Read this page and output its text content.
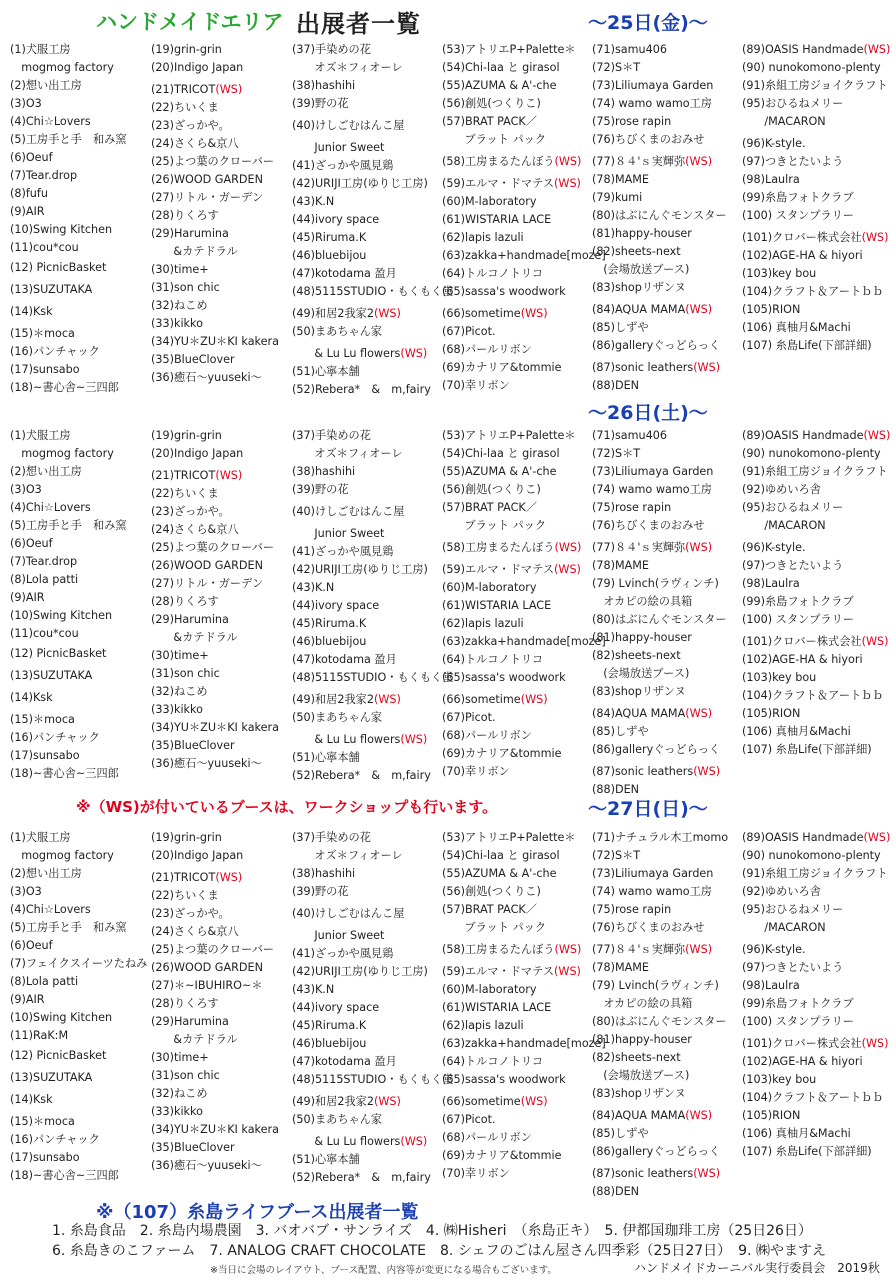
ハンドメイドエリア 出展者一覧	～25日(金)～
～26日(土)～
～27日(日)～
(1)犬服工房
　mogmog factory
(2)想い出工房
(3)O3
(4)Chi☆Lovers
(5)工房手と手　和み窯
(6)Oeuf
(7)Tear.drop
(8)fufu
(9)AIR
(10)Swing Kitchen
(11)cou*cou
(12) PicnicBasket
(13)SUZUTAKA
(14)Ksk
(15)＊moca
(16)パンチャック
(17)sunsabo
(18)~書心舎~三四郎
(19)grin-grin
(20)Indigo Japan
(21)TRICOT(WS)
(22)ちいくま
(23)ざっかや。
(24)さくら&京八
(25)よつ葉のクローバー
(26)WOOD GARDEN
(27)リトル・ガーデン
(28)りくろす
(29)Harumina
　　&カテドラル
(30)time+
(31)son chic
(32)ねこめ
(33)kikko
(34)YU＊ZU＊KI kakera
(35)BlueClover
(36)癒石～yuuseki～
(37)手染めの花
　　オズ＊フィオーレ
(38)hashihi
(39)野の花
(40)けしごむはんこ屋
　　Junior Sweet
(41)ざっかや風見鶏
(42)URIJI工房(ゆりじ工房)
(43)K.N
(44)ivory space
(45)Riruma.K
(46)bluebijou
(47)kotodama 盈月
(48)5115STUDIO・もくもく堂
(49)和居2我家2(WS)
(50)まあちゃん家
　　& Lu Lu flowers(WS)
(51)心寧本舗
(52)Rebera*　&　m,fairy
(53)アトリエP+Palette＊
(54)Chi-laa と girasol
(55)AZUMA & A'-che
(56)創処(つくりこ)
(57)BRAT PACK／
　　ブラット パック
(58)工房まるたんぼう(WS)
(59)エルマ・ドマテス(WS)
(60)M-laboratory
(61)WISTARIA LACE
(62)lapis lazuli
(63)zakka+handmade[moze]
(64)トルコノトリコ
(65)sassa's woodwork
(66)sometime(WS)
(67)Picot.
(68)パールリボン
(69)カナリア&tommie
(70)幸リボン
(71)samu406
(72)S＊T
(73)Liliumaya Garden
(74) wamo wamo工房
(75)rose rapin
(76)ちびくまのおみせ
(77)８４'ｓ実輝弥(WS)
(78)MAME
(79)kumi
(80)はぶにんぐモンスター
(81)happy-houser
(82)sheets-next
　(会場放送ブース)
(83)shopリザンヌ
(84)AQUA MAMA(WS)
(85)しずや
(86)galleryぐっどらっく
(87)sonic leathers(WS)
(88)DEN
(89)OASIS Handmade(WS)
(90) nunokomono-plenty
(91)糸組工房ジョイクラフト
(95)おひるねメリー
　　/MACARON
(96)K-style.
(97)つきとたいよう
(98)Laulra
(99)糸島フォトクラブ
(100) スタンプラリー
(101)クロバー株式会社(WS)
(102)AGE-HA & hiyori
(103)key bou
(104)クラフト＆アートｂｂ
(105)RION
(106) 真柚月&Machi
(107) 糸島Life(下部詳細)
(1)犬服工房
　mogmog factory
(2)想い出工房
(3)O3
(4)Chi☆Lovers
(5)工房手と手　和み窯
(6)Oeuf
(7)Tear.drop
(8)Lola patti
(9)AIR
(10)Swing Kitchen
(11)cou*cou
(12) PicnicBasket
(13)SUZUTAKA
(14)Ksk
(15)＊moca
(16)パンチャック
(17)sunsabo
(18)~書心舎~三四郎
(19)grin-grin
(20)Indigo Japan
(21)TRICOT(WS)
(22)ちいくま
(23)ざっかや。
(24)さくら&京八
(25)よつ葉のクローバー
(26)WOOD GARDEN
(27)リトル・ガーデン
(28)りくろす
(29)Harumina
　　&カテドラル
(30)time+
(31)son chic
(32)ねこめ
(33)kikko
(34)YU＊ZU＊KI kakera
(35)BlueClover
(36)癒石～yuuseki～
(37)手染めの花
　　オズ＊フィオーレ
(38)hashihi
(39)野の花
(40)けしごむはんこ屋
　　Junior Sweet
(41)ざっかや風見鶏
(42)URIJI工房(ゆりじ工房)
(43)K.N
(44)ivory space
(45)Riruma.K
(46)bluebijou
(47)kotodama 盈月
(48)5115STUDIO・もくもく堂
(49)和居2我家2(WS)
(50)まあちゃん家
　　& Lu Lu flowers(WS)
(51)心寧本舗
(52)Rebera*　&　m,fairy
(53)アトリエP+Palette＊
(54)Chi-laa と girasol
(55)AZUMA & A'-che
(56)創処(つくりこ)
(57)BRAT PACK／
　　ブラット パック
(58)工房まるたんぼう(WS)
(59)エルマ・ドマテス(WS)
(60)M-laboratory
(61)WISTARIA LACE
(62)lapis lazuli
(63)zakka+handmade[moze]
(64)トルコノトリコ
(65)sassa's woodwork
(66)sometime(WS)
(67)Picot.
(68)パールリボン
(69)カナリア&tommie
(70)幸リボン
(71)samu406
(72)S＊T
(73)Liliumaya Garden
(74) wamo wamo工房
(75)rose rapin
(76)ちびくまのおみせ
(77)８４'ｓ実輝弥(WS)
(78)MAME
(79) Lvinch(ラヴィンチ)
　オカピの絵の具箱
(80)はぶにんぐモンスター
(81)happy-houser
(82)sheets-next
　(会場放送ブース)
(83)shopリザンヌ
(84)AQUA MAMA(WS)
(85)しずや
(86)galleryぐっどらっく
(87)sonic leathers(WS)
(88)DEN
(89)OASIS Handmade(WS)
(90) nunokomono-plenty
(91)糸組工房ジョイクラフト
(92)ゆめいろ舎
(95)おひるねメリー
　　/MACARON
(96)K-style.
(97)つきとたいよう
(98)Laulra
(99)糸島フォトクラブ
(100) スタンプラリー
(101)クロバー株式会社(WS)
(102)AGE-HA & hiyori
(103)key bou
(104)クラフト＆アートｂｂ
(105)RION
(106) 真柚月&Machi
(107) 糸島Life(下部詳細)
(1)犬服工房
　mogmog factory
(2)想い出工房
(3)O3
(4)Chi☆Lovers
(5)工房手と手　和み窯
(6)Oeuf
(7)フェイクスイーツたねみ
(8)Lola patti
(9)AIR
(10)Swing Kitchen
(11)RaK:M
(12) PicnicBasket
(13)SUZUTAKA
(14)Ksk
(15)＊moca
(16)パンチャック
(17)sunsabo
(18)~書心舎~三四郎
(19)grin-grin
(20)Indigo Japan
(21)TRICOT(WS)
(22)ちいくま
(23)ざっかや。
(24)さくら&京八
(25)よつ葉のクローバー
(26)WOOD GARDEN
(27)＊~IBUHIRO~＊
(28)りくろす
(29)Harumina
　　&カテドラル
(30)time+
(31)son chic
(32)ねこめ
(33)kikko
(34)YU＊ZU＊KI kakera
(35)BlueClover
(36)癒石～yuuseki～
(37)手染めの花
　　オズ＊フィオーレ
(38)hashihi
(39)野の花
(40)けしごむはんこ屋
　　Junior Sweet
(41)ざっかや風見鶏
(42)URIJI工房(ゆりじ工房)
(43)K.N
(44)ivory space
(45)Riruma.K
(46)bluebijou
(47)kotodama 盈月
(48)5115STUDIO・もくもく堂
(49)和居2我家2(WS)
(50)まあちゃん家
　　& Lu Lu flowers(WS)
(51)心寧本舗
(52)Rebera*　&　m,fairy
(53)アトリエP+Palette＊
(54)Chi-laa と girasol
(55)AZUMA & A'-che
(56)創処(つくりこ)
(57)BRAT PACK／
　　ブラット パック
(58)工房まるたんぼう(WS)
(59)エルマ・ドマテス(WS)
(60)M-laboratory
(61)WISTARIA LACE
(62)lapis lazuli
(63)zakka+handmade[moze]
(64)トルコノトリコ
(65)sassa's woodwork
(66)sometime(WS)
(67)Picot.
(68)パールリボン
(69)カナリア&tommie
(70)幸リボン
(71)ナチュラル木工momo
(72)S＊T
(73)Liliumaya Garden
(74) wamo wamo工房
(75)rose rapin
(76)ちびくまのおみせ
(77)８４'ｓ実輝弥(WS)
(78)MAME
(79) Lvinch(ラヴィンチ)
　オカピの絵の具箱
(80)はぶにんぐモンスター
(81)happy-houser
(82)sheets-next
　(会場放送ブース)
(83)shopリザンヌ
(84)AQUA MAMA(WS)
(85)しずや
(86)galleryぐっどらっく
(87)sonic leathers(WS)
(88)DEN
(89)OASIS Handmade(WS)
(90) nunokomono-plenty
(91)糸組工房ジョイクラフト
(92)ゆめいろ舎
(95)おひるねメリー
　　/MACARON
(96)K-style.
(97)つきとたいよう
(98)Laulra
(99)糸島フォトクラブ
(100) スタンプラリー
(101)クロバー株式会社(WS)
(102)AGE-HA & hiyori
(103)key bou
(104)クラフト＆アートｂｂ
(105)RION
(106) 真柚月&Machi
(107) 糸島Life(下部詳細)
※（WS)が付いているブースは、ワークショップも行います。
※（107）糸島ライフブース出展者一覧
1. 糸島食品　2. 糸島内場農園　3. バオバブ・サンライズ　4. ㈱Hisheri　（糸島正キ）　5. 伊都国珈琲工房（25日26日）
6. 糸島きのこファーム　7. ANALOG CRAFT CHOCOLATE　8. シェフのごはん屋さん四季彩（25日27日）　9. ㈱やますえ
※当日に会場のレイアウト、ブース配置、内容等が変更になる場合もございます。	ハンドメイドカーニバル実行委員会　2019秋
